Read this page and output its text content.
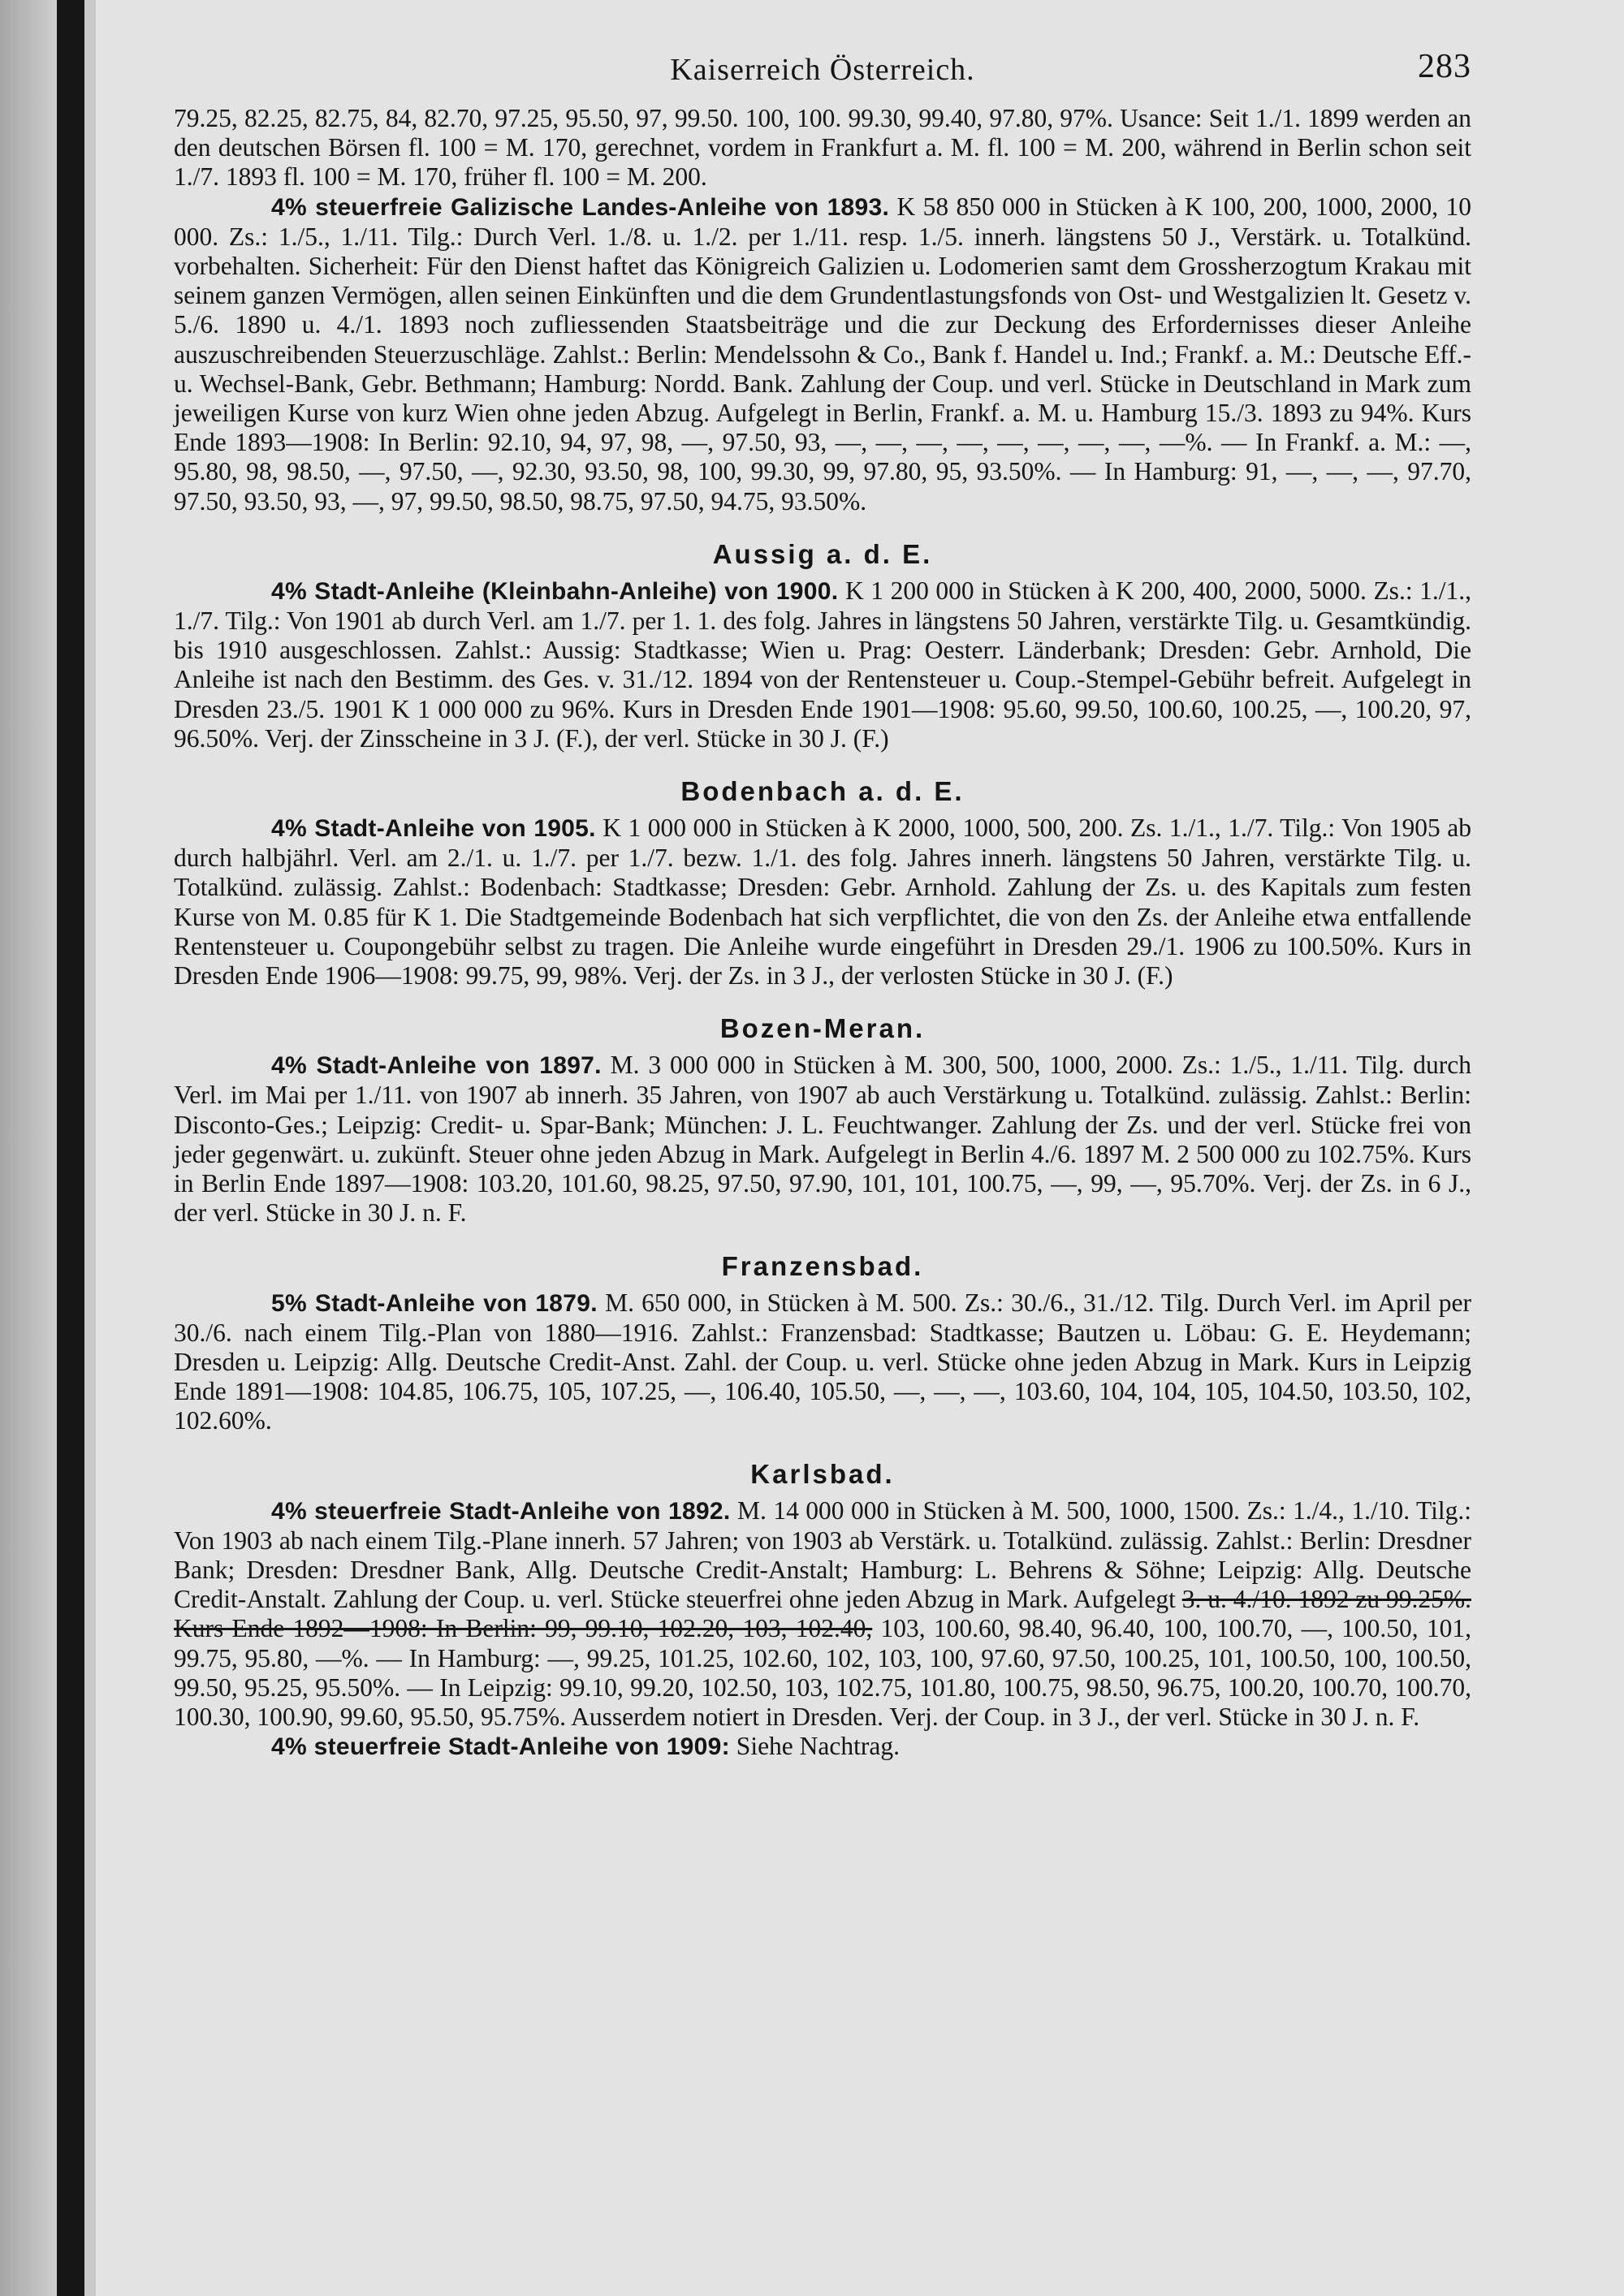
Kaiserreich Österreich.	283

79.25, 82.25, 82.75, 84, 82.70, 97.25, 95.50, 97, 99.50. 100, 100. 99.30, 99.40, 97.80, 97%. Usance: Seit 1./1. 1899 werden an den deutschen Börsen fl. 100 = M. 170, gerechnet, vordem in Frankfurt a. M. fl. 100 = M. 200, während in Berlin schon seit 1./7. 1893 fl. 100 = M. 170, früher fl. 100 = M. 200.

4% steuerfreie Galizische Landes-Anleihe von 1893. K 58 850 000 in Stücken à K 100, 200, 1000, 2000, 10 000. Zs.: 1./5., 1./11. Tilg.: Durch Verl. 1./8. u. 1./2. per 1./11. resp. 1./5. innerh. längstens 50 J., Verstärk. u. Totalkünd. vorbehalten. Sicherheit: Für den Dienst haftet das Königreich Galizien u. Lodomerien samt dem Grossherzogtum Krakau mit seinem ganzen Vermögen, allen seinen Einkünften und die dem Grundentlastungsfonds von Ost- und Westgalizien lt. Gesetz v. 5./6. 1890 u. 4./1. 1893 noch zufliessenden Staatsbeiträge und die zur Deckung des Erfordernisses dieser Anleihe auszuschreibenden Steuerzuschläge. Zahlst.: Berlin: Mendelssohn & Co., Bank f. Handel u. Ind.; Frankf. a. M.: Deutsche Eff.- u. Wechsel-Bank, Gebr. Bethmann; Hamburg: Nordd. Bank. Zahlung der Coup. und verl. Stücke in Deutschland in Mark zum jeweiligen Kurse von kurz Wien ohne jeden Abzug. Aufgelegt in Berlin, Frankf. a. M. u. Hamburg 15./3. 1893 zu 94%. Kurs Ende 1893—1908: In Berlin: 92.10, 94, 97, 98, —, 97.50, 93, —, —, —, —, —, —, —, —, —%. — In Frankf. a. M.: —, 95.80, 98, 98.50, —, 97.50, —, 92.30, 93.50, 98, 100, 99.30, 99, 97.80, 95, 93.50%. — In Hamburg: 91, —, —, —, 97.70, 97.50, 93.50, 93, —, 97, 99.50, 98.50, 98.75, 97.50, 94.75, 93.50%.

Aussig a. d. E.

4% Stadt-Anleihe (Kleinbahn-Anleihe) von 1900. K 1 200 000 in Stücken à K 200, 400, 2000, 5000. Zs.: 1./1., 1./7. Tilg.: Von 1901 ab durch Verl. am 1./7. per 1. 1. des folg. Jahres in längstens 50 Jahren, verstärkte Tilg. u. Gesamtkündig. bis 1910 ausgeschlossen. Zahlst.: Aussig: Stadtkasse; Wien u. Prag: Oesterr. Länderbank; Dresden: Gebr. Arnhold, Die Anleihe ist nach den Bestimm. des Ges. v. 31./12. 1894 von der Rentensteuer u. Coup.-Stempel-Gebühr befreit. Aufgelegt in Dresden 23./5. 1901 K 1 000 000 zu 96%. Kurs in Dresden Ende 1901—1908: 95.60, 99.50, 100.60, 100.25, —, 100.20, 97, 96.50%. Verj. der Zinsscheine in 3 J. (F.), der verl. Stücke in 30 J. (F.)

Bodenbach a. d. E.

4% Stadt-Anleihe von 1905. K 1 000 000 in Stücken à K 2000, 1000, 500, 200. Zs. 1./1., 1./7. Tilg.: Von 1905 ab durch halbjährl. Verl. am 2./1. u. 1./7. per 1./7. bezw. 1./1. des folg. Jahres innerh. längstens 50 Jahren, verstärkte Tilg. u. Totalkünd. zulässig. Zahlst.: Bodenbach: Stadtkasse; Dresden: Gebr. Arnhold. Zahlung der Zs. u. des Kapitals zum festen Kurse von M. 0.85 für K 1. Die Stadtgemeinde Bodenbach hat sich verpflichtet, die von den Zs. der Anleihe etwa entfallende Rentensteuer u. Coupongebühr selbst zu tragen. Die Anleihe wurde eingeführt in Dresden 29./1. 1906 zu 100.50%. Kurs in Dresden Ende 1906—1908: 99.75, 99, 98%. Verj. der Zs. in 3 J., der verlosten Stücke in 30 J. (F.)

Bozen-Meran.

4% Stadt-Anleihe von 1897. M. 3 000 000 in Stücken à M. 300, 500, 1000, 2000. Zs.: 1./5., 1./11. Tilg. durch Verl. im Mai per 1./11. von 1907 ab innerh. 35 Jahren, von 1907 ab auch Verstärkung u. Totalkünd. zulässig. Zahlst.: Berlin: Disconto-Ges.; Leipzig: Credit- u. Spar-Bank; München: J. L. Feuchtwanger. Zahlung der Zs. und der verl. Stücke frei von jeder gegenwärt. u. zukünft. Steuer ohne jeden Abzug in Mark. Aufgelegt in Berlin 4./6. 1897 M. 2 500 000 zu 102.75%. Kurs in Berlin Ende 1897—1908: 103.20, 101.60, 98.25, 97.50, 97.90, 101, 101, 100.75, —, 99, —, 95.70%. Verj. der Zs. in 6 J., der verl. Stücke in 30 J. n. F.

Franzensbad.

5% Stadt-Anleihe von 1879. M. 650 000, in Stücken à M. 500. Zs.: 30./6., 31./12. Tilg. Durch Verl. im April per 30./6. nach einem Tilg.-Plan von 1880—1916. Zahlst.: Franzensbad: Stadtkasse; Bautzen u. Löbau: G. E. Heydemann; Dresden u. Leipzig: Allg. Deutsche Credit-Anst. Zahl. der Coup. u. verl. Stücke ohne jeden Abzug in Mark. Kurs in Leipzig Ende 1891—1908: 104.85, 106.75, 105, 107.25, —, 106.40, 105.50, —, —, —, 103.60, 104, 104, 105, 104.50, 103.50, 102, 102.60%.

Karlsbad.

4% steuerfreie Stadt-Anleihe von 1892. M. 14 000 000 in Stücken à M. 500, 1000, 1500. Zs.: 1./4., 1./10. Tilg.: Von 1903 ab nach einem Tilg.-Plane innerh. 57 Jahren; von 1903 ab Verstärk. u. Totalkünd. zulässig. Zahlst.: Berlin: Dresdner Bank; Dresden: Dresdner Bank, Allg. Deutsche Credit-Anstalt; Hamburg: L. Behrens & Söhne; Leipzig: Allg. Deutsche Credit-Anstalt. Zahlung der Coup. u. verl. Stücke steuerfrei ohne jeden Abzug in Mark. Aufgelegt 3. u. 4./10. 1892 zu 99.25%. Kurs Ende 1892—1908: In Berlin: 99, 99.10, 102.20, 103, 102.40, 103, 100.60, 98.40, 96.40, 100, 100.70, —, 100.50, 101, 99.75, 95.80, —%. — In Hamburg: —, 99.25, 101.25, 102.60, 102, 103, 100, 97.60, 97.50, 100.25, 101, 100.50, 100, 100.50, 99.50, 95.25, 95.50%. — In Leipzig: 99.10, 99.20, 102.50, 103, 102.75, 101.80, 100.75, 98.50, 96.75, 100.20, 100.70, 100.70, 100.30, 100.90, 99.60, 95.50, 95.75%. Ausserdem notiert in Dresden. Verj. der Coup. in 3 J., der verl. Stücke in 30 J. n. F.

4% steuerfreie Stadt-Anleihe von 1909: Siehe Nachtrag.
